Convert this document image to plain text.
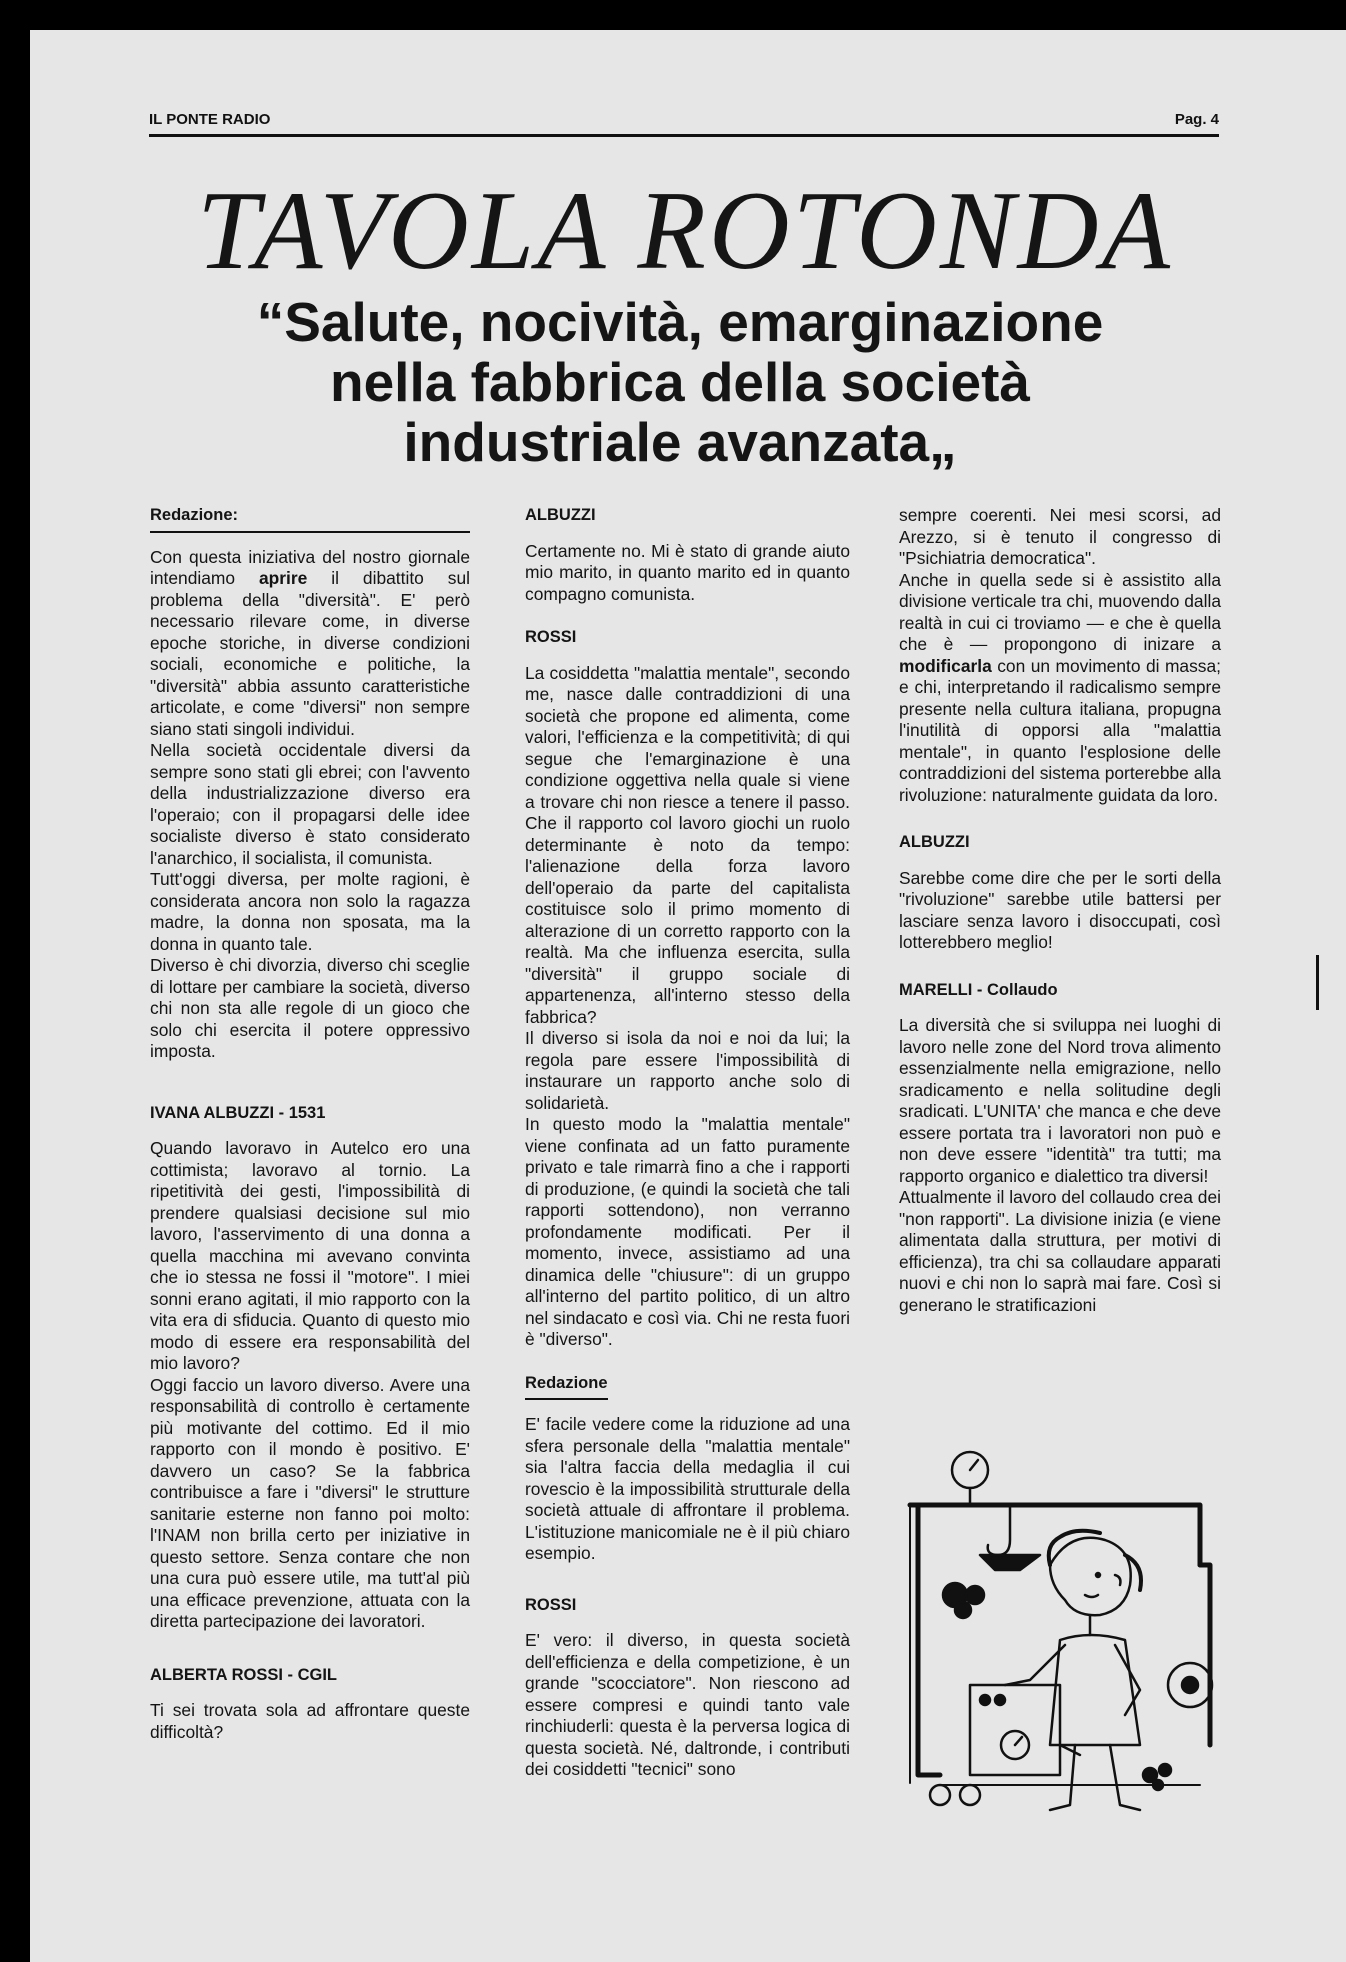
IL PONTE RADIO	Pag. 4
TAVOLA ROTONDA
“Salute, nocività, emarginazione
nella fabbrica della società
industriale avanzata„
Redazione:

Con questa iniziativa del nostro giornale intendiamo aprire il dibattito sul problema della "diversità". E' però necessario rilevare come, in diverse epoche storiche, in diverse condizioni sociali, economiche e politiche, la "diversità" abbia assunto caratteristiche articolate, e come "diversi" non sempre siano stati singoli individui.

Nella società occidentale diversi da sempre sono stati gli ebrei; con l'avvento della industrializzazione diverso era l'operaio; con il propagarsi delle idee socialiste diverso è stato considerato l'anarchico, il socialista, il comunista.

Tutt'oggi diversa, per molte ragioni, è considerata ancora non solo la ragazza madre, la donna non sposata, ma la donna in quanto tale.

Diverso è chi divorzia, diverso chi sceglie di lottare per cambiare la società, diverso chi non sta alle regole di un gioco che solo chi esercita il potere oppressivo imposta.

IVANA ALBUZZI - 1531

Quando lavoravo in Autelco ero una cottimista; lavoravo al tornio. La ripetitività dei gesti, l'impossibilità di prendere qualsiasi decisione sul mio lavoro, l'asservimento di una donna a quella macchina mi avevano convinta che io stessa ne fossi il "motore". I miei sonni erano agitati, il mio rapporto con la vita era di sfiducia. Quanto di questo mio modo di essere era responsabilità del mio lavoro?

Oggi faccio un lavoro diverso. Avere una responsabilità di controllo è certamente più motivante del cottimo. Ed il mio rapporto con il mondo è positivo. E' davvero un caso? Se la fabbrica contribuisce a fare i "diversi" le strutture sanitarie esterne non fanno poi molto: l'INAM non brilla certo per iniziative in questo settore. Senza contare che non una cura può essere utile, ma tutt'al più una efficace prevenzione, attuata con la diretta partecipazione dei lavoratori.

ALBERTA ROSSI - CGIL

Ti sei trovata sola ad affrontare queste difficoltà?

ALBUZZI

Certamente no. Mi è stato di grande aiuto mio marito, in quanto marito ed in quanto compagno comunista.

ROSSI

La cosiddetta "malattia mentale", secondo me, nasce dalle contraddizioni di una società che propone ed alimenta, come valori, l'efficienza e la competitività; di qui segue che l'emarginazione è una condizione oggettiva nella quale si viene a trovare chi non riesce a tenere il passo. Che il rapporto col lavoro giochi un ruolo determinante è noto da tempo: l'alienazione della forza lavoro dell'operaio da parte del capitalista costituisce solo il primo momento di alterazione di un corretto rapporto con la realtà. Ma che influenza esercita, sulla "diversità" il gruppo sociale di appartenenza, all'interno stesso della fabbrica?

Il diverso si isola da noi e noi da lui; la regola pare essere l'impossibilità di instaurare un rapporto anche solo di solidarietà.

In questo modo la "malattia mentale" viene confinata ad un fatto puramente privato e tale rimarrà fino a che i rapporti di produzione, (e quindi la società che tali rapporti sottendono), non verranno profondamente modificati. Per il momento, invece, assistiamo ad una dinamica delle "chiusure": di un gruppo all'interno del partito politico, di un altro nel sindacato e così via. Chi ne resta fuori è "diverso".

Redazione

E' facile vedere come la riduzione ad una sfera personale della "malattia mentale" sia l'altra faccia della medaglia il cui rovescio è la impossibilità strutturale della società attuale di affrontare il problema. L'istituzione manicomiale ne è il più chiaro esempio.

ROSSI

E' vero: il diverso, in questa società dell'efficienza e della competizione, è un grande "scocciatore". Non riescono ad essere compresi e quindi tanto vale rinchiuderli: questa è la perversa logica di questa società. Né, daltronde, i contributi dei cosiddetti "tecnici" sono

sempre coerenti. Nei mesi scorsi, ad Arezzo, si è tenuto il congresso di "Psichiatria democratica".

Anche in quella sede si è assistito alla divisione verticale tra chi, muovendo dalla realtà in cui ci troviamo — e che è quella che è — propongono di inizare a modificarla con un movimento di massa; e chi, interpretando il radicalismo sempre presente nella cultura italiana, propugna l'inutilità di opporsi alla "malattia mentale", in quanto l'esplosione delle contraddizioni del sistema porterebbe alla rivoluzione: naturalmente guidata da loro.

ALBUZZI

Sarebbe come dire che per le sorti della "rivoluzione" sarebbe utile battersi per lasciare senza lavoro i disoccupati, così lotterebbero meglio!

MARELLI - Collaudo

La diversità che si sviluppa nei luoghi di lavoro nelle zone del Nord trova alimento essenzialmente nella emigrazione, nello sradicamento e nella solitudine degli sradicati. L'UNITA' che manca e che deve essere portata tra i lavoratori non può e non deve essere "identità" tra tutti; ma rapporto organico e dialettico tra diversi!

Attualmente il lavoro del collaudo crea dei "non rapporti". La divisione inizia (e viene alimentata dalla struttura, per motivi di efficienza), tra chi sa collaudare apparati nuovi e chi non lo saprà mai fare. Così si generano le stratificazioni
